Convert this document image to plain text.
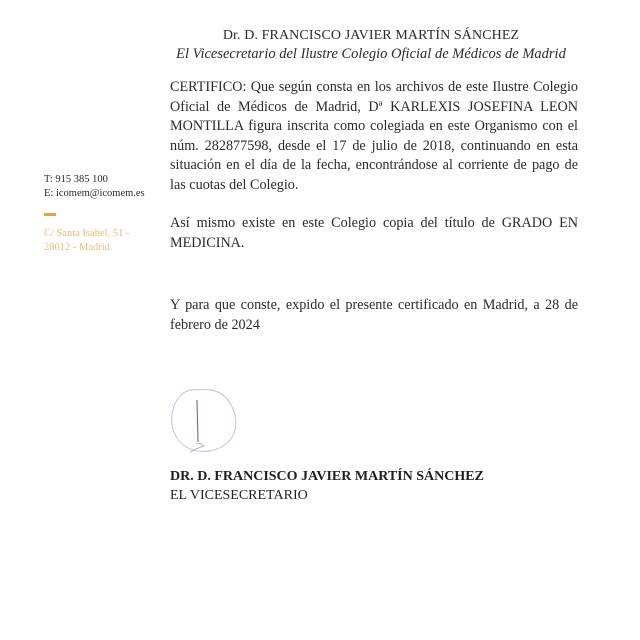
Dr. D. FRANCISCO JAVIER MARTÍN SÁNCHEZ
El Vicesecretario del Ilustre Colegio Oficial de Médicos de Madrid
T: 915 385 100
E: icomem@icomem.es
C/ Santa Isabel, 51 -
28012 - Madrid

CERTIFICO: Que según consta en los archivos de este Ilustre Colegio Oficial de Médicos de Madrid, Dª KARLEXIS JOSEFINA LEON MONTILLA figura inscrita como colegiada en este Organismo con el núm. 282877598, desde el 17 de julio de 2018, continuando en esta situación en el día de la fecha, encontrándose al corriente de pago de las cuotas del Colegio.

Así mismo existe en este Colegio copia del título de GRADO EN MEDICINA.

Y para que conste, expido el presente certificado en Madrid, a 28 de febrero de 2024

DR. D. FRANCISCO JAVIER MARTÍN SÁNCHEZ
EL VICESECRETARIO
